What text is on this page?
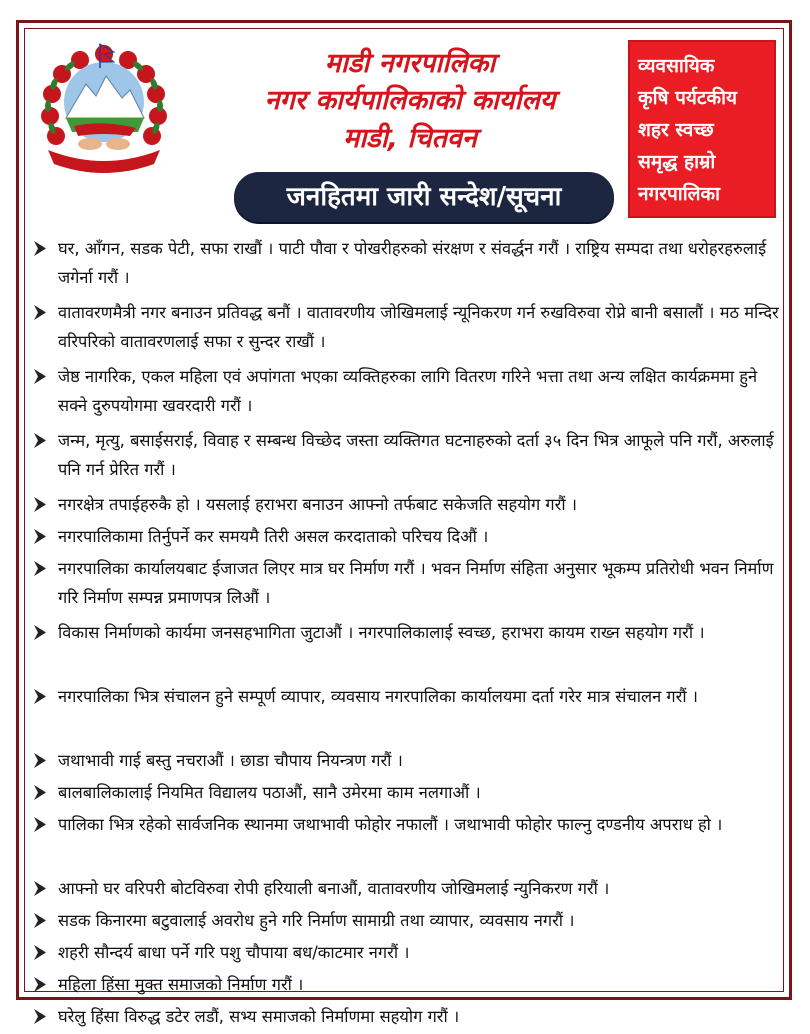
माडी नगरपालिकाको छाप
माडी नगरपालिका
नगर कार्यपालिकाको कार्यालय
माडी, चितवन
व्यवसायिक
कृषि पर्यटकीय
शहर स्वच्छ
समृद्ध हाम्रो
नगरपालिका
जनहितमा जारी सन्देश/सूचना
घर, आँगन, सडक पेटी, सफा राखौं । पाटी पौवा र पोखरीहरुको संरक्षण र संवर्द्धन गरौं । राष्ट्रिय सम्पदा तथा धरोहरहरुलाई जगेर्ना गरौं ।
वातावरणमैत्री नगर बनाउन प्रतिवद्ध बनौं । वातावरणीय जोखिमलाई न्यूनिकरण गर्न रुखविरुवा रोप्ने बानी बसालौं । मठ मन्दिर वरिपरिको वातावरणलाई सफा र सुन्दर राखौं ।
जेष्ठ नागरिक, एकल महिला एवं अपांगता भएका व्यक्तिहरुका लागि वितरण गरिने भत्ता तथा अन्य लक्षित कार्यक्रममा हुने सक्ने दुरुपयोगमा खवरदारी गरौं ।
जन्म, मृत्यु, बसाईसराई, विवाह र सम्बन्ध विच्छेद जस्ता व्यक्तिगत घटनाहरुको दर्ता ३५ दिन भित्र आफूले पनि गरौं, अरुलाई पनि गर्न प्रेरित गरौं ।
नगरक्षेत्र तपाईहरुकै हो । यसलाई हराभरा बनाउन आफ्नो तर्फबाट सकेजति सहयोग गरौं ।
नगरपालिकामा तिर्नुपर्ने कर समयमै तिरी असल करदाताको परिचय दिऔं ।
नगरपालिका कार्यालयबाट ईजाजत लिएर मात्र घर निर्माण गरौं । भवन निर्माण संहिता अनुसार भूकम्प प्रतिरोधी भवन निर्माण गरि निर्माण सम्पन्न प्रमाणपत्र लिऔं ।
विकास निर्माणको कार्यमा जनसहभागिता जुटाऔं । नगरपालिकालाई स्वच्छ, हराभरा कायम राख्न सहयोग गरौं ।
नगरपालिका भित्र संचालन हुने सम्पूर्ण व्यापार, व्यवसाय नगरपालिका कार्यालयमा दर्ता गरेर मात्र संचालन गरौं ।
जथाभावी गाई बस्तु नचराऔं । छाडा चौपाय नियन्त्रण गरौं ।
बालबालिकालाई नियमित विद्यालय पठाऔं, सानै उमेरमा काम नलगाऔं ।
पालिका भित्र रहेको सार्वजनिक स्थानमा जथाभावी फोहोर नफालौं । जथाभावी फोहोर फाल्नु दण्डनीय अपराध हो ।
आफ्नो घर वरिपरी बोटविरुवा रोपी हरियाली बनाऔं, वातावरणीय जोखिमलाई न्युनिकरण गरौं ।
सडक किनारमा बटुवालाई अवरोध हुने गरि निर्माण सामाग्री तथा व्यापार, व्यवसाय नगरौं ।
शहरी सौन्दर्य बाधा पर्ने गरि पशु चौपाया बध/काटमार नगरौं ।
महिला हिंसा मुक्त समाजको निर्माण गरौं ।
घरेलु हिंसा विरुद्ध डटेर लडौं, सभ्य समाजको निर्माणमा सहयोग गरौं ।
